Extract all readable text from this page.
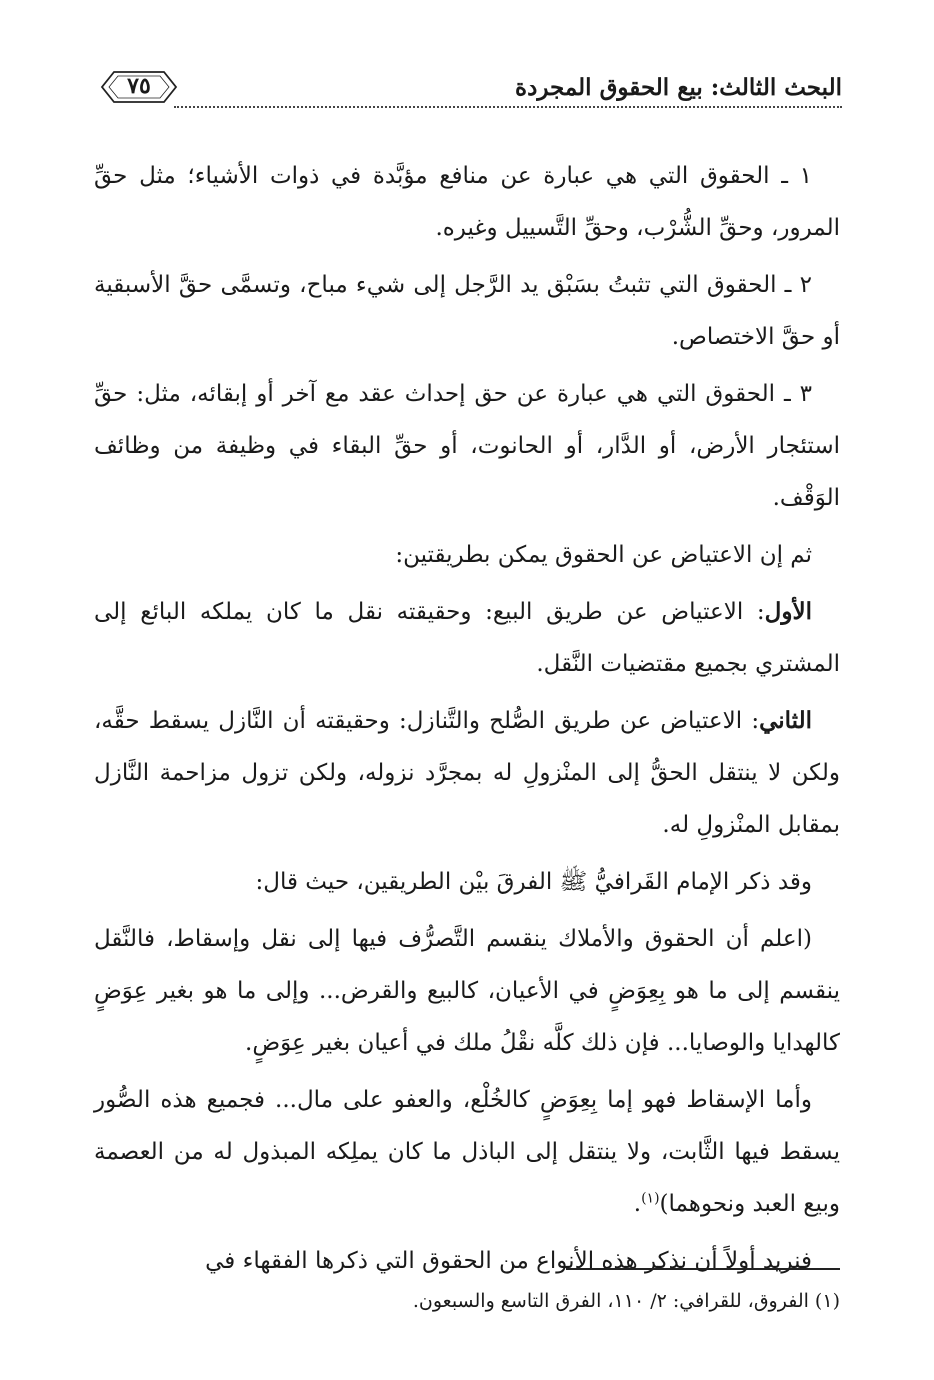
٧٥	البحث الثالث: بيع الحقوق المجردة

١ ـ الحقوق التي هي عبارة عن منافع مؤبَّدة في ذوات الأشياء؛ مثل حقِّ المرور، وحقِّ الشُّرْب، وحقِّ التَّسييل وغيره.

٢ ـ الحقوق التي تثبتُ بسَبْق يد الرَّجل إلى شيء مباح، وتسمَّى حقَّ الأسبقية أو حقَّ الاختصاص.

٣ ـ الحقوق التي هي عبارة عن حق إحداث عقد مع آخر أو إبقائه، مثل: حقِّ استئجار الأرض، أو الدَّار، أو الحانوت، أو حقِّ البقاء في وظيفة من وظائف الوَقْف.

ثم إن الاعتياض عن الحقوق يمكن بطريقتين:

الأول: الاعتياض عن طريق البيع: وحقيقته نقل ما كان يملكه البائع إلى المشتري بجميع مقتضيات النَّقل.

الثاني: الاعتياض عن طريق الصُّلح والتَّنازل: وحقيقته أن النَّازل يسقط حقَّه، ولكن لا ينتقل الحقُّ إلى المنْزولِ له بمجرَّد نزوله، ولكن تزول مزاحمة النَّازل بمقابل المنْزولِ له.

وقد ذكر الإمام القَرافيُّ ﷺ الفرقَ بيْن الطريقين، حيث قال:

(اعلم أن الحقوق والأملاك ينقسم التَّصرُّف فيها إلى نقل وإسقاط، فالنَّقل ينقسم إلى ما هو بِعِوَضٍ في الأعيان، كالبيع والقرض... وإلى ما هو بغير عِوَضٍ كالهدايا والوصايا... فإن ذلك كلَّه نقْلُ ملك في أعيان بغير عِوَضٍ.

وأما الإسقاط فهو إما بِعِوَضٍ كالخُلْع، والعفو على مال... فجميع هذه الصُّور يسقط فيها الثَّابت، ولا ينتقل إلى الباذل ما كان يملِكه المبذول له من العصمة وبيع العبد ونحوهما)$^{(١)}$.

فنريد أولاً أن نذكر هذه الأنواع من الحقوق التي ذكرها الفقهاء في

(١) الفروق، للقرافي: ٢/ ١١٠، الفرق التاسع والسبعون.
